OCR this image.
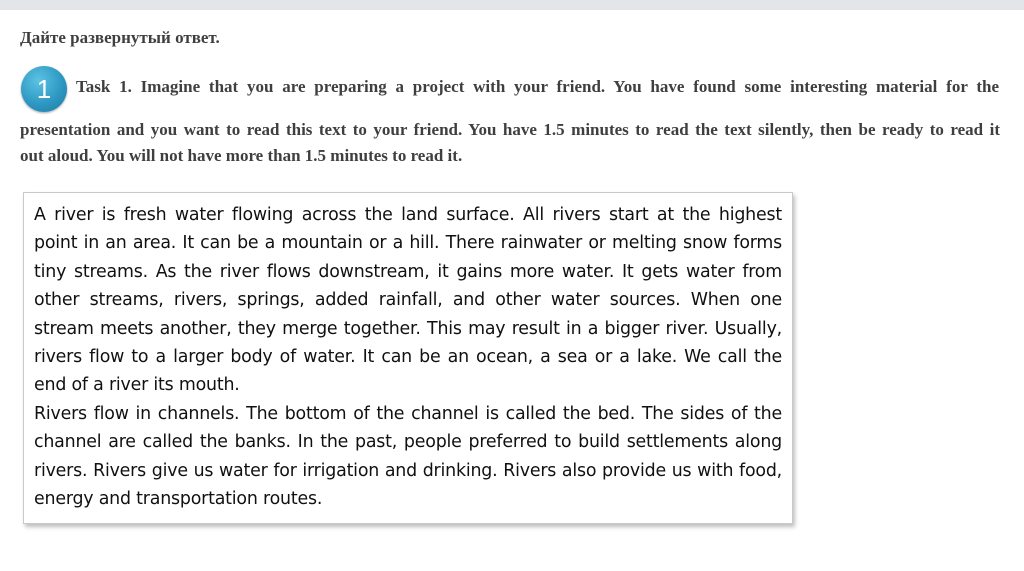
Дайте развернутый ответ.
1	Task 1. Imagine that you are preparing a project with your friend. You have found some interesting material for the

presentation and you want to read this text to your friend. You have 1.5 minutes to read the text silently, then be ready to read it
out aloud. You will not have more than 1.5 minutes to read it.

A river is fresh water flowing across the land surface. All rivers start at the highest point in an area. It can be a mountain or a hill. There rainwater or melting snow forms tiny streams. As the river flows downstream, it gains more water. It gets water from other streams, rivers, springs, added rainfall, and other water sources. When one stream meets another, they merge together. This may result in a bigger river. Usually, rivers flow to a larger body of water. It can be an ocean, a sea or a lake. We call the end of a river its mouth.

Rivers flow in channels. The bottom of the channel is called the bed. The sides of the channel are called the banks. In the past, people preferred to build settlements along rivers. Rivers give us water for irrigation and drinking. Rivers also provide us with food, energy and transportation routes.
